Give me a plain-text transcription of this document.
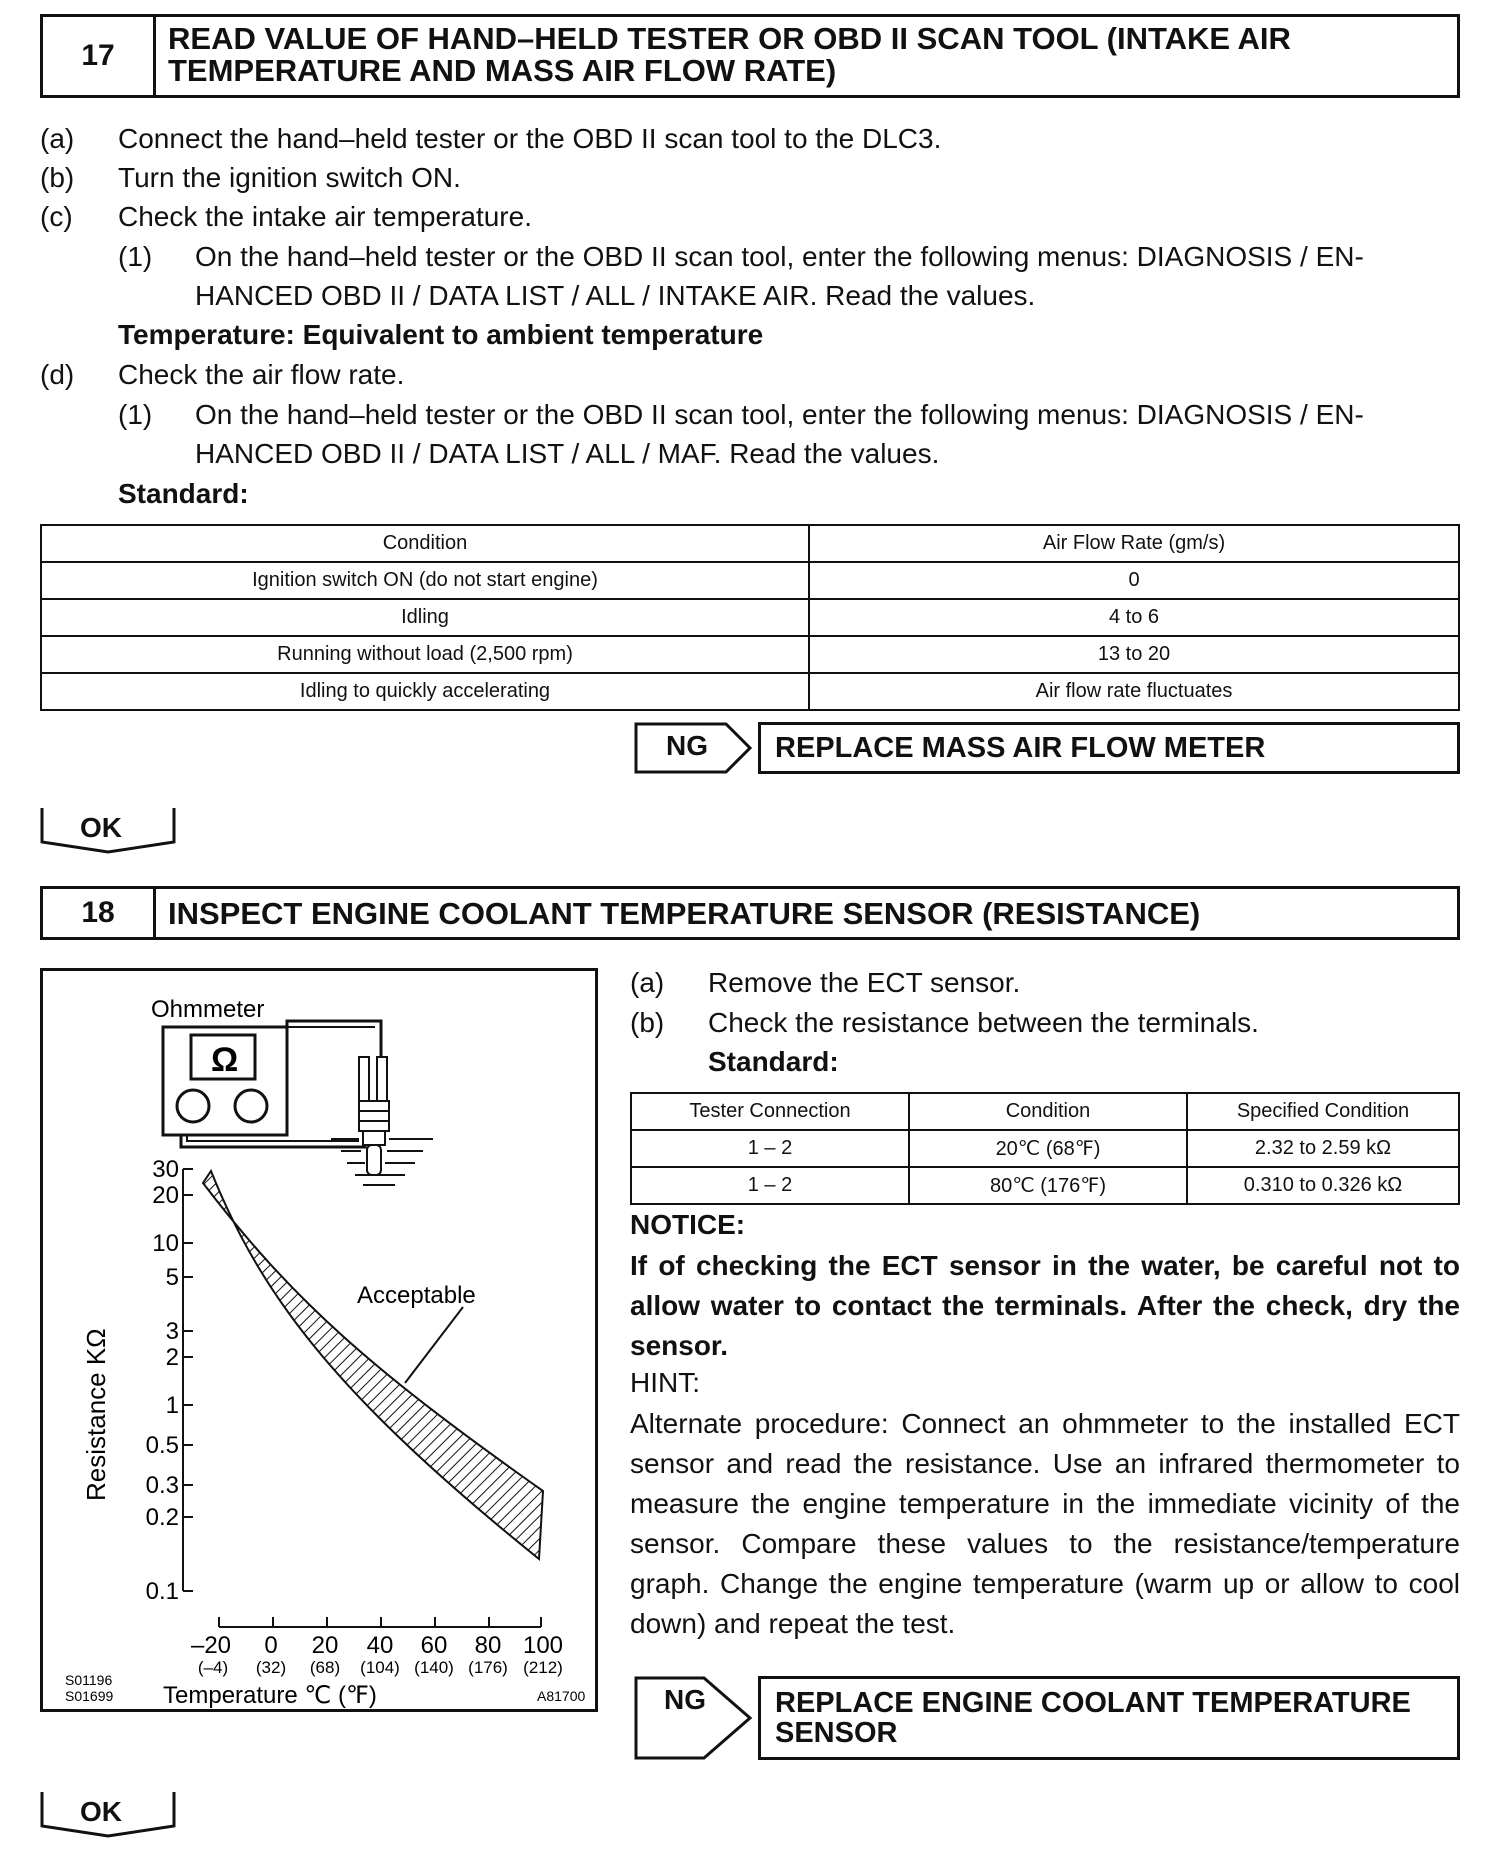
17	READ VALUE OF HAND–HELD TESTER OR OBD II SCAN TOOL (INTAKE AIR TEMPERATURE AND MASS AIR FLOW RATE)
(a) Connect the hand–held tester or the OBD II scan tool to the DLC3.
(b) Turn the ignition switch ON.
(c) Check the intake air temperature.
(1) On the hand–held tester or the OBD II scan tool, enter the following menus: DIAGNOSIS / EN-
HANCED OBD II / DATA LIST / ALL / INTAKE AIR. Read the values.
Temperature: Equivalent to ambient temperature
(d) Check the air flow rate.
(1) On the hand–held tester or the OBD II scan tool, enter the following menus: DIAGNOSIS / EN-
HANCED OBD II / DATA LIST / ALL / MAF. Read the values.
Standard:
Condition	Air Flow Rate (gm/s)
Ignition switch ON (do not start engine)	0
Idling	4 to 6
Running without load (2,500 rpm)	13 to 20
Idling to quickly accelerating	Air flow rate fluctuates
NG	REPLACE MASS AIR FLOW METER
OK
18	INSPECT ENGINE COOLANT TEMPERATURE SENSOR (RESISTANCE)
Ohmmeter
Ω
Acceptable
Resistance KΩ
30
20
10
5
3
2
1
0.5
0.3
0.2
0.1
–20 0 20 40 60 80 100
(–4) (32) (68) (104) (140) (176) (212)
Temperature ℃ (℉)
S01196
S01699	A81700
(a) Remove the ECT sensor.
(b) Check the resistance between the terminals.
Standard:
Tester Connection	Condition	Specified Condition
1 – 2	20℃ (68℉)	2.32 to 2.59 kΩ
1 – 2	80℃ (176℉)	0.310 to 0.326 kΩ
NOTICE:
If of checking the ECT sensor in the water, be careful not to allow water to contact the terminals. After the check, dry the sensor.
HINT:
Alternate procedure: Connect an ohmmeter to the installed ECT sensor and read the resistance. Use an infrared thermometer to measure the engine temperature in the immediate vicinity of the sensor. Compare these values to the resistance/temperature graph. Change the engine temperature (warm up or allow to cool down) and repeat the test.
NG REPLACE ENGINE COOLANT TEMPERATURE
SENSOR
OK
